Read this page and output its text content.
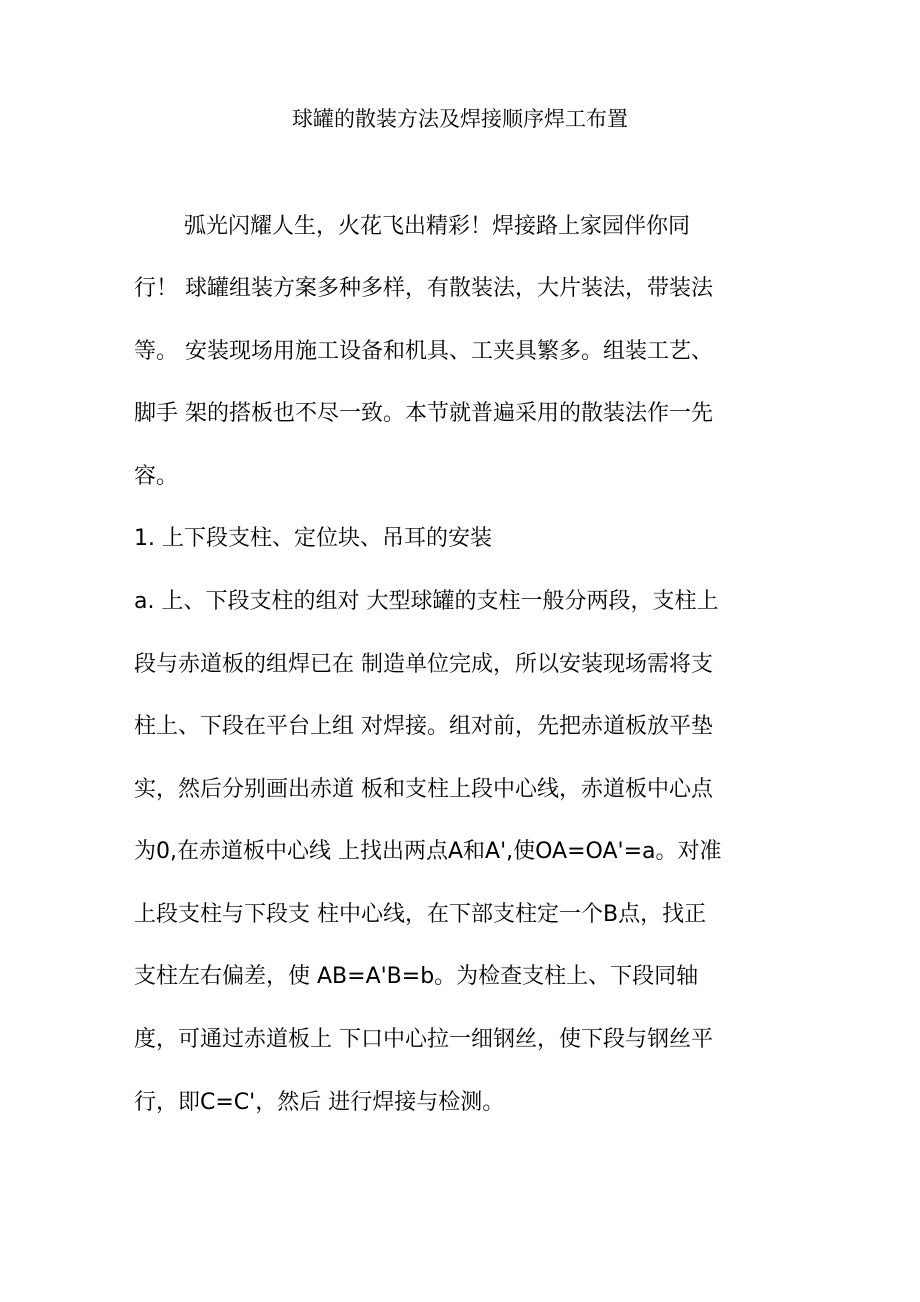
球罐的散装方法及焊接顺序焊工布置
弧光闪耀人生，火花飞出精彩！焊接路上家园伴你同
行！ 球罐组装方案多种多样，有散装法，大片装法，带装法
等。 安装现场用施工设备和机具、工夹具繁多。组装工艺、
脚手 架的搭板也不尽一致。本节就普遍采用的散装法作一先
容。
1. 上下段支柱、定位块、吊耳的安装
a. 上、下段支柱的组对 大型球罐的支柱一般分两段，支柱上
段与赤道板的组焊已在 制造单位完成，所以安装现场需将支
柱上、下段在平台上组 对焊接。组对前，先把赤道板放平垫
实，然后分别画出赤道 板和支柱上段中心线，赤道板中心点
为0,在赤道板中心线 上找出两点A和A',使OA=OA'=a。对准
上段支柱与下段支 柱中心线，在下部支柱定一个B点，找正
支柱左右偏差，使 AB=A'B=b。为检查支柱上、下段同轴
度，可通过赤道板上 下口中心拉一细钢丝，使下段与钢丝平
行，即C=C'，然后 进行焊接与检测。
